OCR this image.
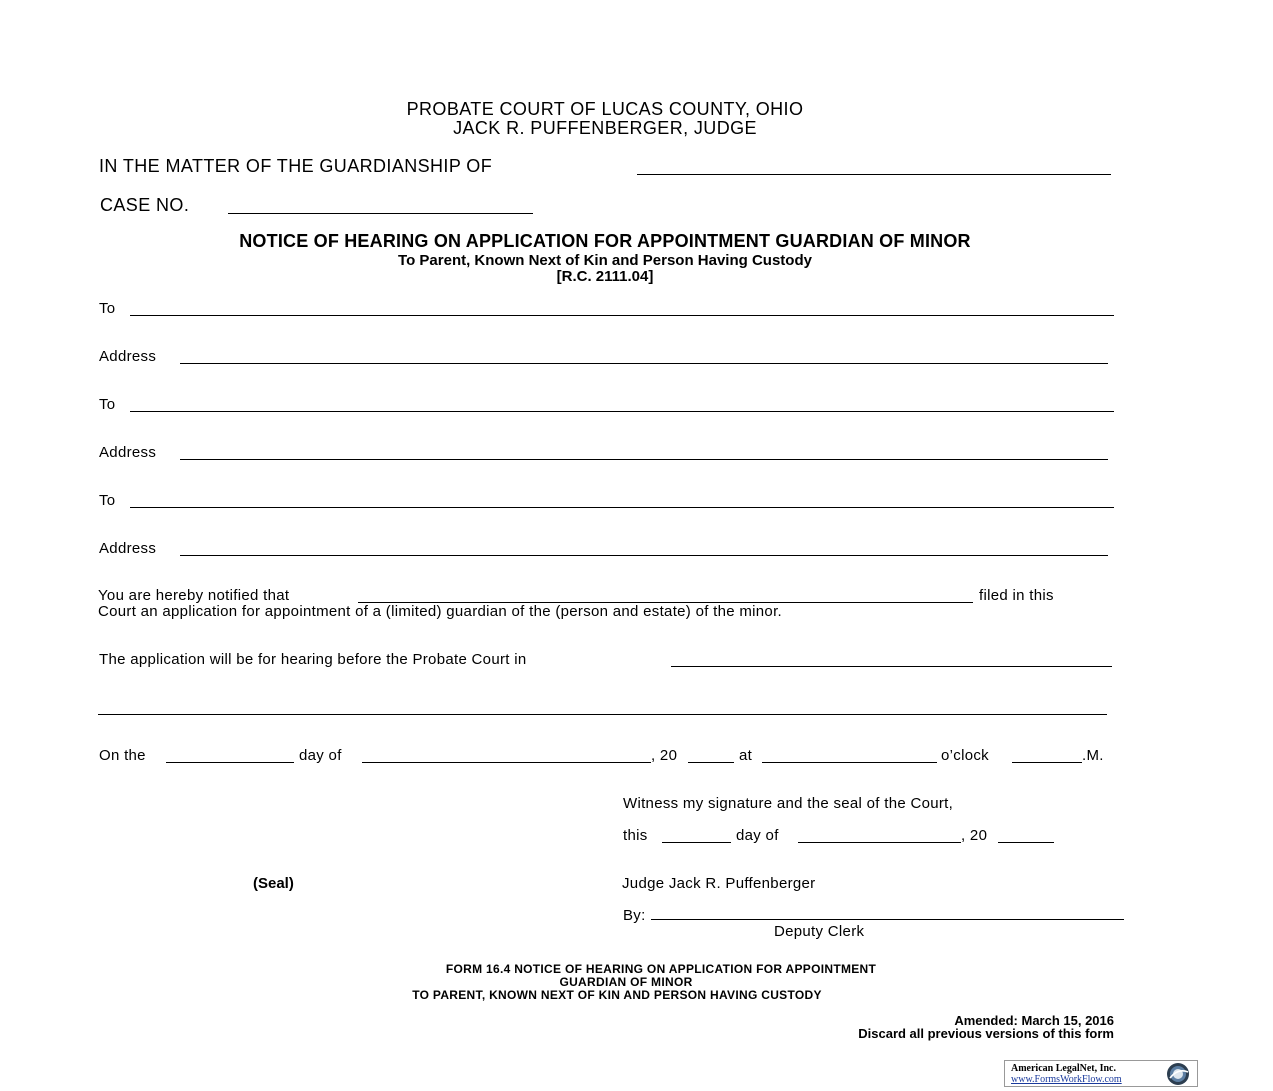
PROBATE COURT OF LUCAS COUNTY, OHIO
JACK R. PUFFENBERGER, JUDGE
IN THE MATTER OF THE GUARDIANSHIP OF
CASE NO.
NOTICE OF HEARING ON APPLICATION FOR APPOINTMENT GUARDIAN OF MINOR
To Parent, Known Next of Kin and Person Having Custody
[R.C. 2111.04]
To
Address
To
Address
To
Address
You are hereby notified that	filed in this
Court an application for appointment of a (limited) guardian of the (person and estate) of the minor.
The application will be for hearing before the Probate Court in
On the	day of	, 20	at	o’clock	.M.
Witness my signature and the seal of the Court,
this	day of	, 20
(Seal)	Judge Jack R. Puffenberger
By:
Deputy Clerk
FORM 16.4 NOTICE OF HEARING ON APPLICATION FOR APPOINTMENT
GUARDIAN OF MINOR
TO PARENT, KNOWN NEXT OF KIN AND PERSON HAVING CUSTODY
Amended: March 15, 2016
Discard all previous versions of this form
American LegalNet, Inc.
www.FormsWorkFlow.com
